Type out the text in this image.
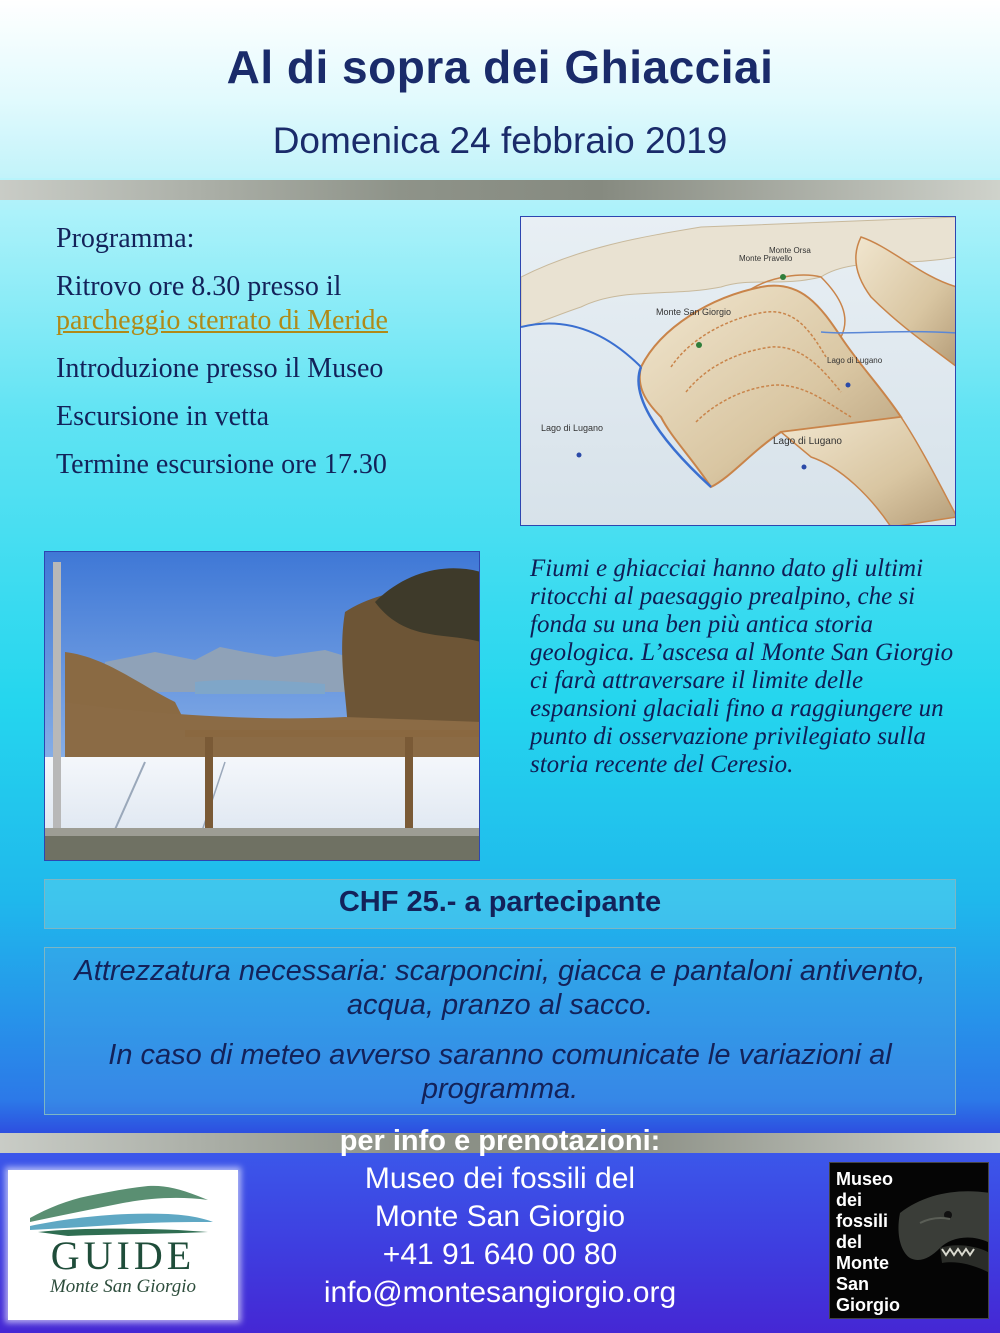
Al di sopra dei Ghiacciai
Domenica 24 febbraio 2019
Programma:
Ritrovo ore 8.30 presso il
parcheggio sterrato di Meride
Introduzione presso il Museo
Escursione in vetta
Termine escursione ore 17.30
Monte Orsa
Monte Pravello
Monte San Giorgio
Lago di Lugano
Lago di Lugano
Lago di Lugano
Fiumi e ghiacciai hanno dato gli ultimi ritocchi al paesaggio prealpino, che si fonda su una ben più antica storia geologica. L’ascesa al Monte San Giorgio ci farà attraversare il limite delle espansioni glaciali fino a raggiungere un punto di osservazione privilegiato sulla storia recente del Ceresio.
CHF 25.- a partecipante
Attrezzatura necessaria: scarponcini, giacca e pantaloni antivento, acqua, pranzo al sacco.
In caso di meteo avverso saranno comunicate le variazioni al programma.
GUIDE
Monte San Giorgio
per info e prenotazioni:
Museo dei fossili del
Monte San Giorgio
+41 91 640 00 80
info@montesangiorgio.org
Museo
dei
fossili
del
Monte
San
Giorgio
